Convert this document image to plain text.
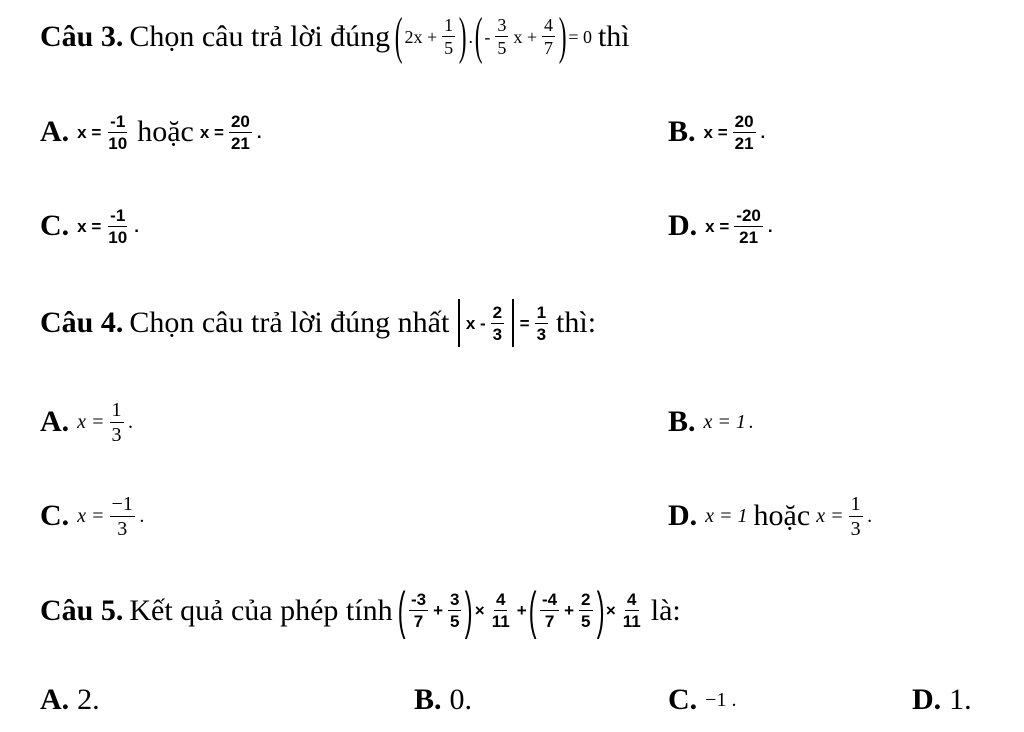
Câu 3. Chọn câu trả lời đúng ( $2x + \frac{1}{5}$ ) . ( - $\frac{3}{5}$ $x + \frac{4}{7}$ ) = 0 thì
A. $x = \frac{-1}{10}$ hoặc $x = \frac{20}{21}$ .	B. $x = \frac{20}{21}$ .
C. $x = \frac{-1}{10}$ .	D. $x = \frac{-20}{21}$ .
Câu 4. Chọn câu trả lời đúng nhất $x - \frac{2}{3} = \frac{1}{3}$ thì:
A. $x = \frac{1}{3}$ .	B. x = 1 .
C. $x = \frac{-1}{3}$ .	D. x = 1 hoặc $x = \frac{1}{3}$ .
Câu 5. Kết quả của phép tính ( $\frac{-3}{7} + \frac{3}{5}$ ) × $\frac{4}{11}$ + ( $\frac{-4}{7} + \frac{2}{5}$ ) × $\frac{4}{11}$ là:
A. 2.	B. 0.	C. −1 .	D. 1.
